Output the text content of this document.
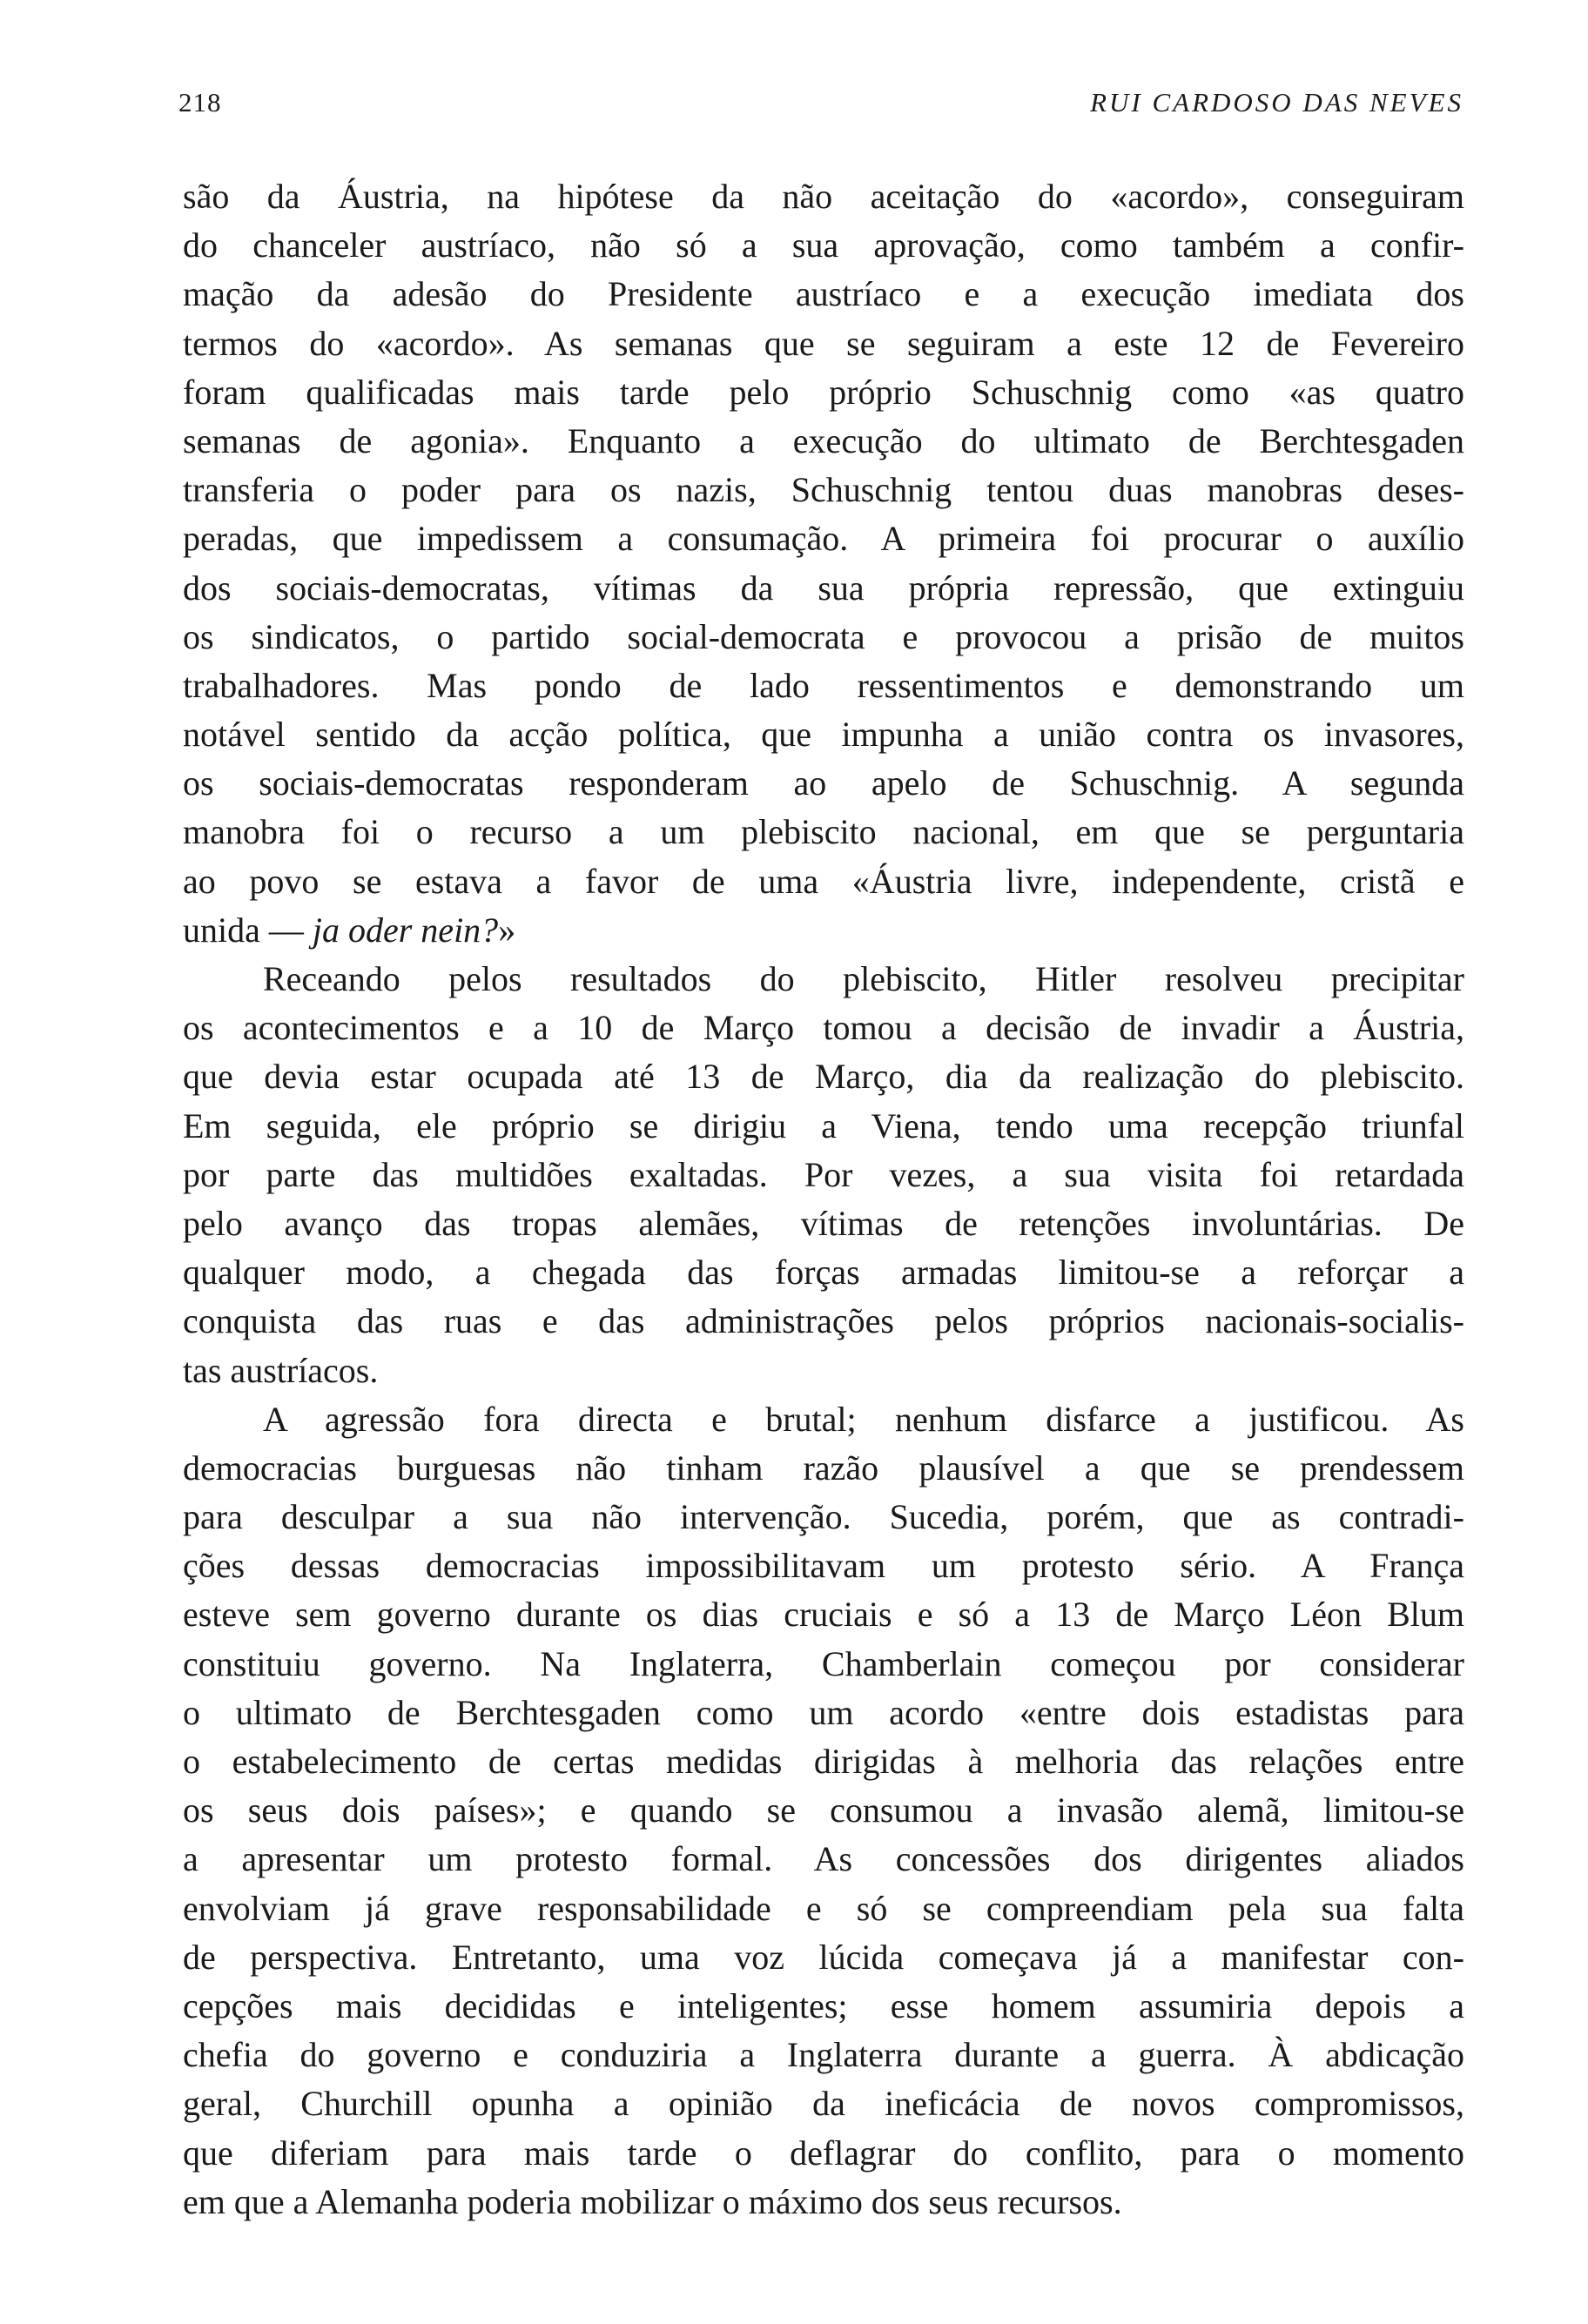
218	RUI CARDOSO DAS NEVES

são da Áustria, na hipótese da não aceitação do «acordo», conseguiram
do chanceler austríaco, não só a sua aprovação, como também a confir-
mação da adesão do Presidente austríaco e a execução imediata dos
termos do «acordo». As semanas que se seguiram a este 12 de Fevereiro
foram qualificadas mais tarde pelo próprio Schuschnig como «as quatro
semanas de agonia». Enquanto a execução do ultimato de Berchtesgaden
transferia o poder para os nazis, Schuschnig tentou duas manobras deses-
peradas, que impedissem a consumação. A primeira foi procurar o auxílio
dos sociais-democratas, vítimas da sua própria repressão, que extinguiu
os sindicatos, o partido social-democrata e provocou a prisão de muitos
trabalhadores. Mas pondo de lado ressentimentos e demonstrando um
notável sentido da acção política, que impunha a união contra os invasores,
os sociais-democratas responderam ao apelo de Schuschnig. A segunda
manobra foi o recurso a um plebiscito nacional, em que se perguntaria
ao povo se estava a favor de uma «Áustria livre, independente, cristã e
unida — ja oder nein?»

Receando pelos resultados do plebiscito, Hitler resolveu precipitar
os acontecimentos e a 10 de Março tomou a decisão de invadir a Áustria,
que devia estar ocupada até 13 de Março, dia da realização do plebiscito.
Em seguida, ele próprio se dirigiu a Viena, tendo uma recepção triunfal
por parte das multidões exaltadas. Por vezes, a sua visita foi retardada
pelo avanço das tropas alemães, vítimas de retenções involuntárias. De
qualquer modo, a chegada das forças armadas limitou-se a reforçar a
conquista das ruas e das administrações pelos próprios nacionais-socialis-
tas austríacos.

A agressão fora directa e brutal; nenhum disfarce a justificou. As
democracias burguesas não tinham razão plausível a que se prendessem
para desculpar a sua não intervenção. Sucedia, porém, que as contradi-
ções dessas democracias impossibilitavam um protesto sério. A França
esteve sem governo durante os dias cruciais e só a 13 de Março Léon Blum
constituiu governo. Na Inglaterra, Chamberlain começou por considerar
o ultimato de Berchtesgaden como um acordo «entre dois estadistas para
o estabelecimento de certas medidas dirigidas à melhoria das relações entre
os seus dois países»; e quando se consumou a invasão alemã, limitou-se
a apresentar um protesto formal. As concessões dos dirigentes aliados
envolviam já grave responsabilidade e só se compreendiam pela sua falta
de perspectiva. Entretanto, uma voz lúcida começava já a manifestar con-
cepções mais decididas e inteligentes; esse homem assumiria depois a
chefia do governo e conduziria a Inglaterra durante a guerra. À abdicação
geral, Churchill opunha a opinião da ineficácia de novos compromissos,
que diferiam para mais tarde o deflagrar do conflito, para o momento
em que a Alemanha poderia mobilizar o máximo dos seus recursos.
